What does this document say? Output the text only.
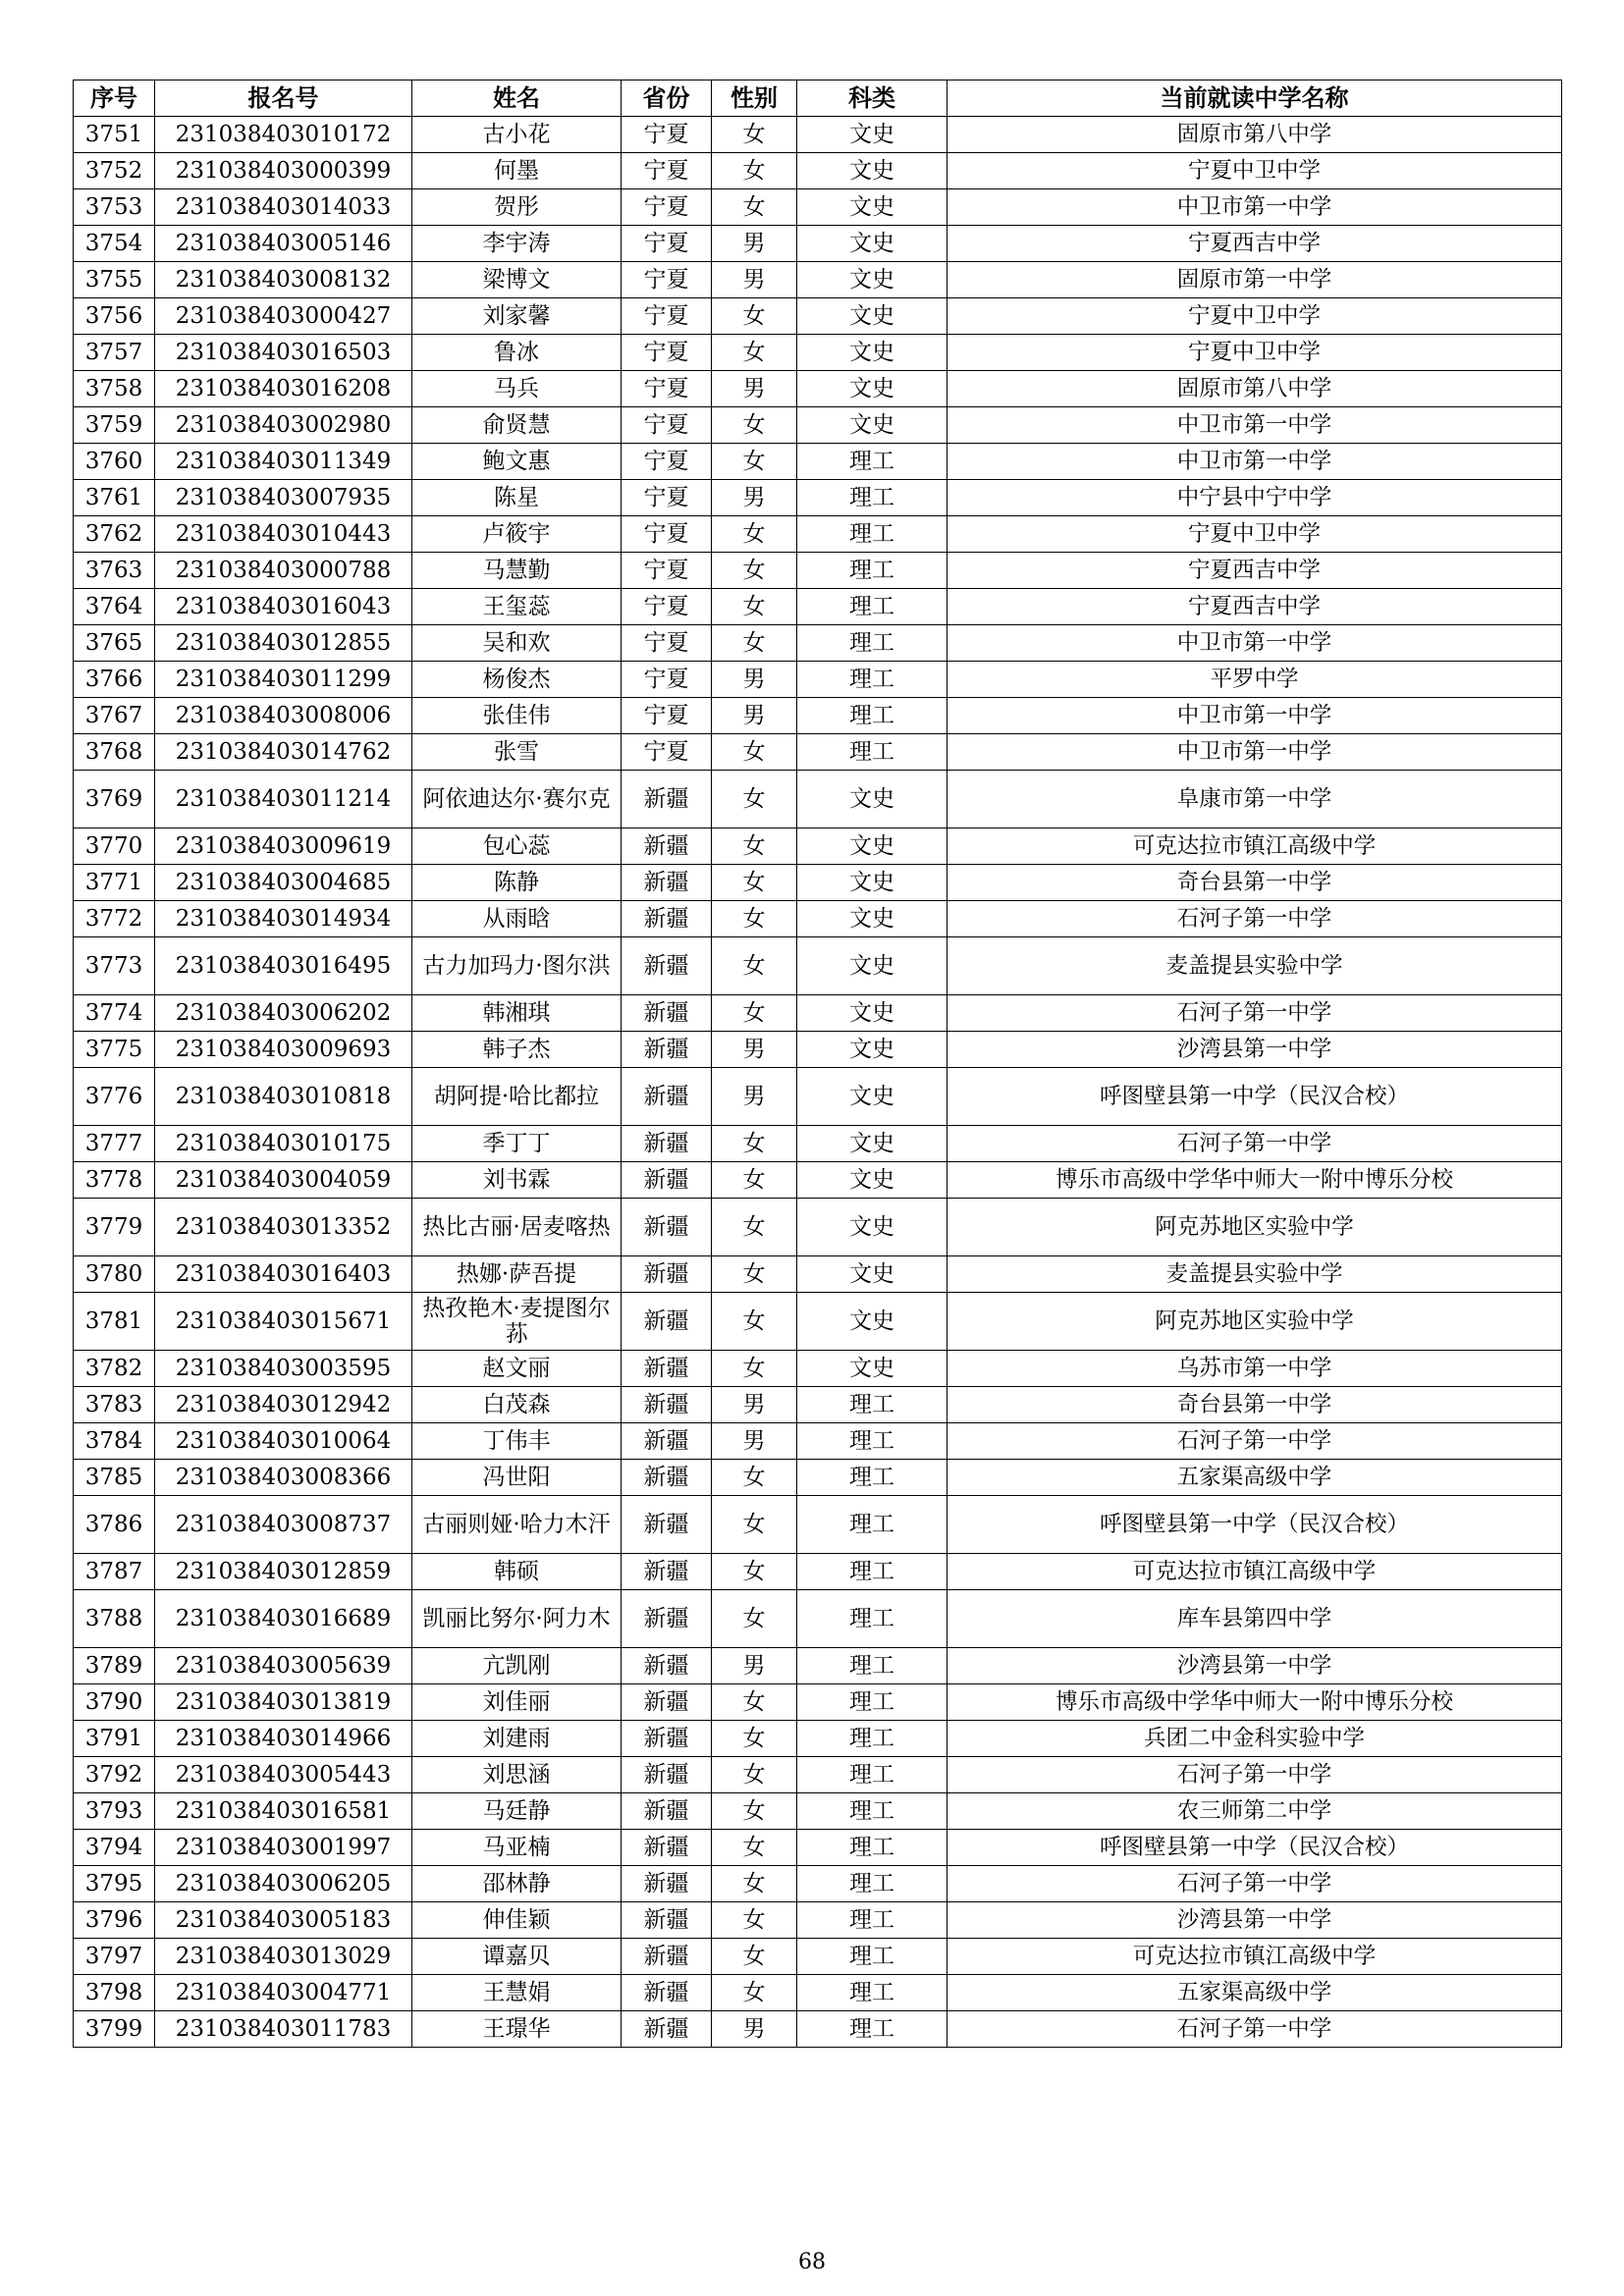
序号	报名号	姓名	省份	性别	科类	当前就读中学名称
3751	231038403010172	古小花	宁夏	女	文史	固原市第八中学
3752	231038403000399	何墨	宁夏	女	文史	宁夏中卫中学
3753	231038403014033	贺彤	宁夏	女	文史	中卫市第一中学
3754	231038403005146	李宇涛	宁夏	男	文史	宁夏西吉中学
3755	231038403008132	梁博文	宁夏	男	文史	固原市第一中学
3756	231038403000427	刘家馨	宁夏	女	文史	宁夏中卫中学
3757	231038403016503	鲁冰	宁夏	女	文史	宁夏中卫中学
3758	231038403016208	马兵	宁夏	男	文史	固原市第八中学
3759	231038403002980	俞贤慧	宁夏	女	文史	中卫市第一中学
3760	231038403011349	鲍文惠	宁夏	女	理工	中卫市第一中学
3761	231038403007935	陈星	宁夏	男	理工	中宁县中宁中学
3762	231038403010443	卢筱宇	宁夏	女	理工	宁夏中卫中学
3763	231038403000788	马慧勤	宁夏	女	理工	宁夏西吉中学
3764	231038403016043	王玺蕊	宁夏	女	理工	宁夏西吉中学
3765	231038403012855	吴和欢	宁夏	女	理工	中卫市第一中学
3766	231038403011299	杨俊杰	宁夏	男	理工	平罗中学
3767	231038403008006	张佳伟	宁夏	男	理工	中卫市第一中学
3768	231038403014762	张雪	宁夏	女	理工	中卫市第一中学
3769	231038403011214	阿依迪达尔·赛尔克	新疆	女	文史	阜康市第一中学
3770	231038403009619	包心蕊	新疆	女	文史	可克达拉市镇江高级中学
3771	231038403004685	陈静	新疆	女	文史	奇台县第一中学
3772	231038403014934	从雨晗	新疆	女	文史	石河子第一中学
3773	231038403016495	古力加玛力·图尔洪	新疆	女	文史	麦盖提县实验中学
3774	231038403006202	韩湘琪	新疆	女	文史	石河子第一中学
3775	231038403009693	韩子杰	新疆	男	文史	沙湾县第一中学
3776	231038403010818	胡阿提·哈比都拉	新疆	男	文史	呼图壁县第一中学（民汉合校）
3777	231038403010175	季丁丁	新疆	女	文史	石河子第一中学
3778	231038403004059	刘书霖	新疆	女	文史	博乐市高级中学华中师大一附中博乐分校
3779	231038403013352	热比古丽·居麦喀热	新疆	女	文史	阿克苏地区实验中学
3780	231038403016403	热娜·萨吾提	新疆	女	文史	麦盖提县实验中学
3781	231038403015671	热孜艳木·麦提图尔荪	新疆	女	文史	阿克苏地区实验中学
3782	231038403003595	赵文丽	新疆	女	文史	乌苏市第一中学
3783	231038403012942	白茂森	新疆	男	理工	奇台县第一中学
3784	231038403010064	丁伟丰	新疆	男	理工	石河子第一中学
3785	231038403008366	冯世阳	新疆	女	理工	五家渠高级中学
3786	231038403008737	古丽则娅·哈力木汗	新疆	女	理工	呼图壁县第一中学（民汉合校）
3787	231038403012859	韩硕	新疆	女	理工	可克达拉市镇江高级中学
3788	231038403016689	凯丽比努尔·阿力木	新疆	女	理工	库车县第四中学
3789	231038403005639	亢凯刚	新疆	男	理工	沙湾县第一中学
3790	231038403013819	刘佳丽	新疆	女	理工	博乐市高级中学华中师大一附中博乐分校
3791	231038403014966	刘建雨	新疆	女	理工	兵团二中金科实验中学
3792	231038403005443	刘思涵	新疆	女	理工	石河子第一中学
3793	231038403016581	马廷静	新疆	女	理工	农三师第二中学
3794	231038403001997	马亚楠	新疆	女	理工	呼图壁县第一中学（民汉合校）
3795	231038403006205	邵林静	新疆	女	理工	石河子第一中学
3796	231038403005183	伸佳颖	新疆	女	理工	沙湾县第一中学
3797	231038403013029	谭嘉贝	新疆	女	理工	可克达拉市镇江高级中学
3798	231038403004771	王慧娟	新疆	女	理工	五家渠高级中学
3799	231038403011783	王璟华	新疆	男	理工	石河子第一中学
68
